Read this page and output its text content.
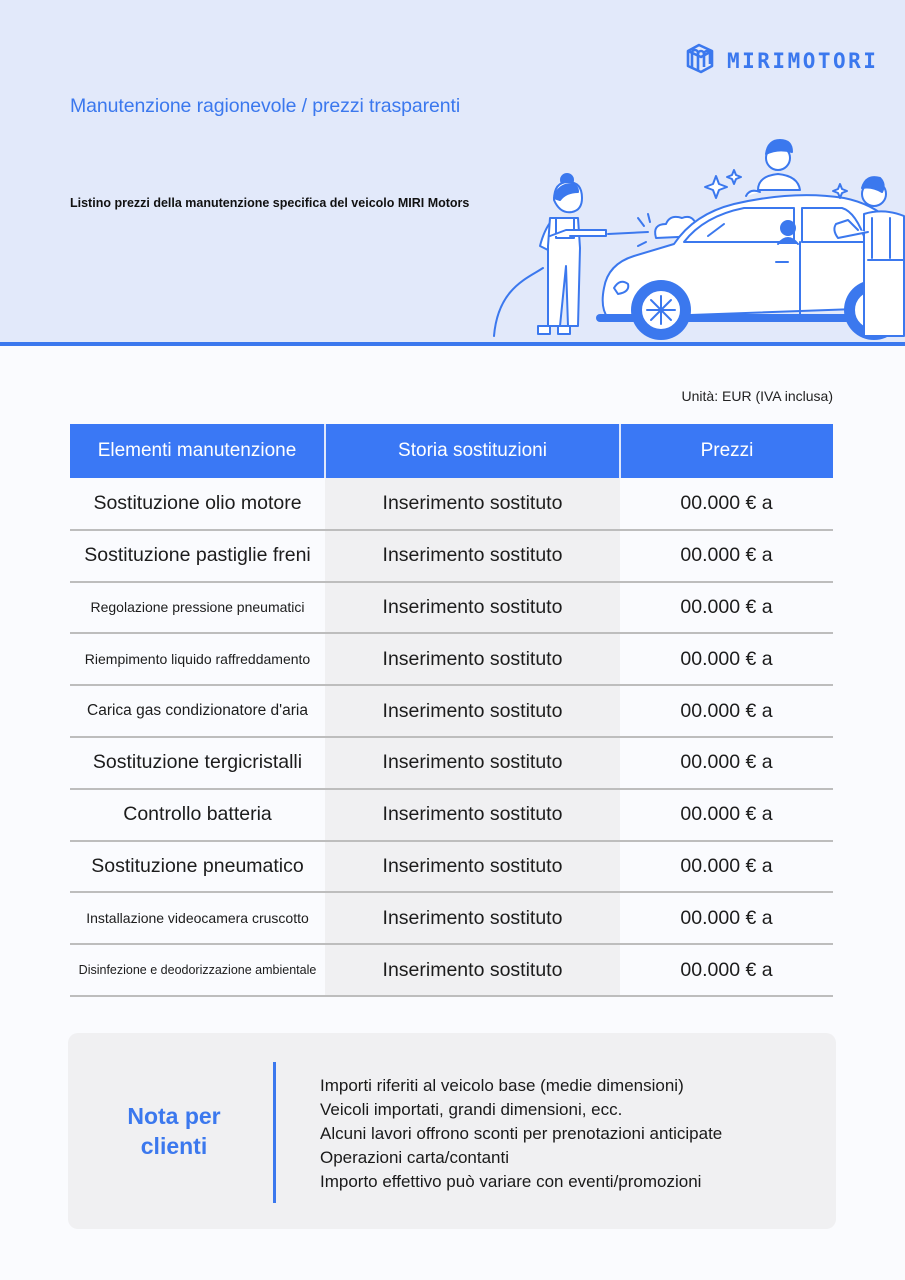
MIRIMOTORI
Manutenzione ragionevole / prezzi trasparenti
Listino prezzi della manutenzione specifica del veicolo MIRI Motors
Unità: EUR (IVA inclusa)
Elementi manutenzione	Storia sostituzioni	Prezzi
Sostituzione olio motore	Inserimento sostituto	00.000 € a
Sostituzione pastiglie freni	Inserimento sostituto	00.000 € a
Regolazione pressione pneumatici	Inserimento sostituto	00.000 € a
Riempimento liquido raffreddamento	Inserimento sostituto	00.000 € a
Carica gas condizionatore d'aria	Inserimento sostituto	00.000 € a
Sostituzione tergicristalli	Inserimento sostituto	00.000 € a
Controllo batteria	Inserimento sostituto	00.000 € a
Sostituzione pneumatico	Inserimento sostituto	00.000 € a
Installazione videocamera cruscotto	Inserimento sostituto	00.000 € a
Disinfezione e deodorizzazione ambientale	Inserimento sostituto	00.000 € a
Nota per
clienti
Importi riferiti al veicolo base (medie dimensioni)
Veicoli importati, grandi dimensioni, ecc.
Alcuni lavori offrono sconti per prenotazioni anticipate
Operazioni carta/contanti
Importo effettivo può variare con eventi/promozioni
